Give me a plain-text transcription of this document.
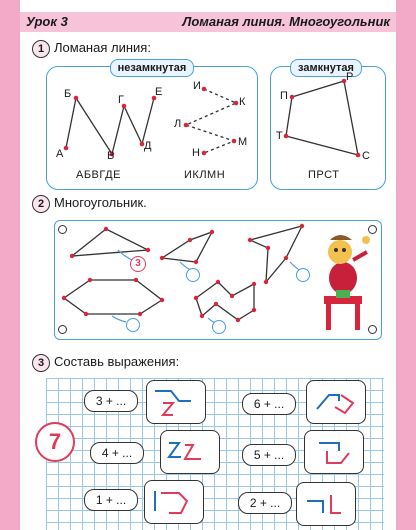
Урок 3	Ломаная линия. Многоугольник
1 Ломаная линия:
незамкнутая	замкнутая
А
Б
В
Г
Д
Е
АБВГДЕ
И
К
Л
М
Н
ИКЛМН
П
Р
Т
С
ПРСТ
2 Многоугольник.
3
3 Составь выражения:
7
3 + ...
4 + ...
1 + ...
6 + ...
5 + ...
2 + ...
